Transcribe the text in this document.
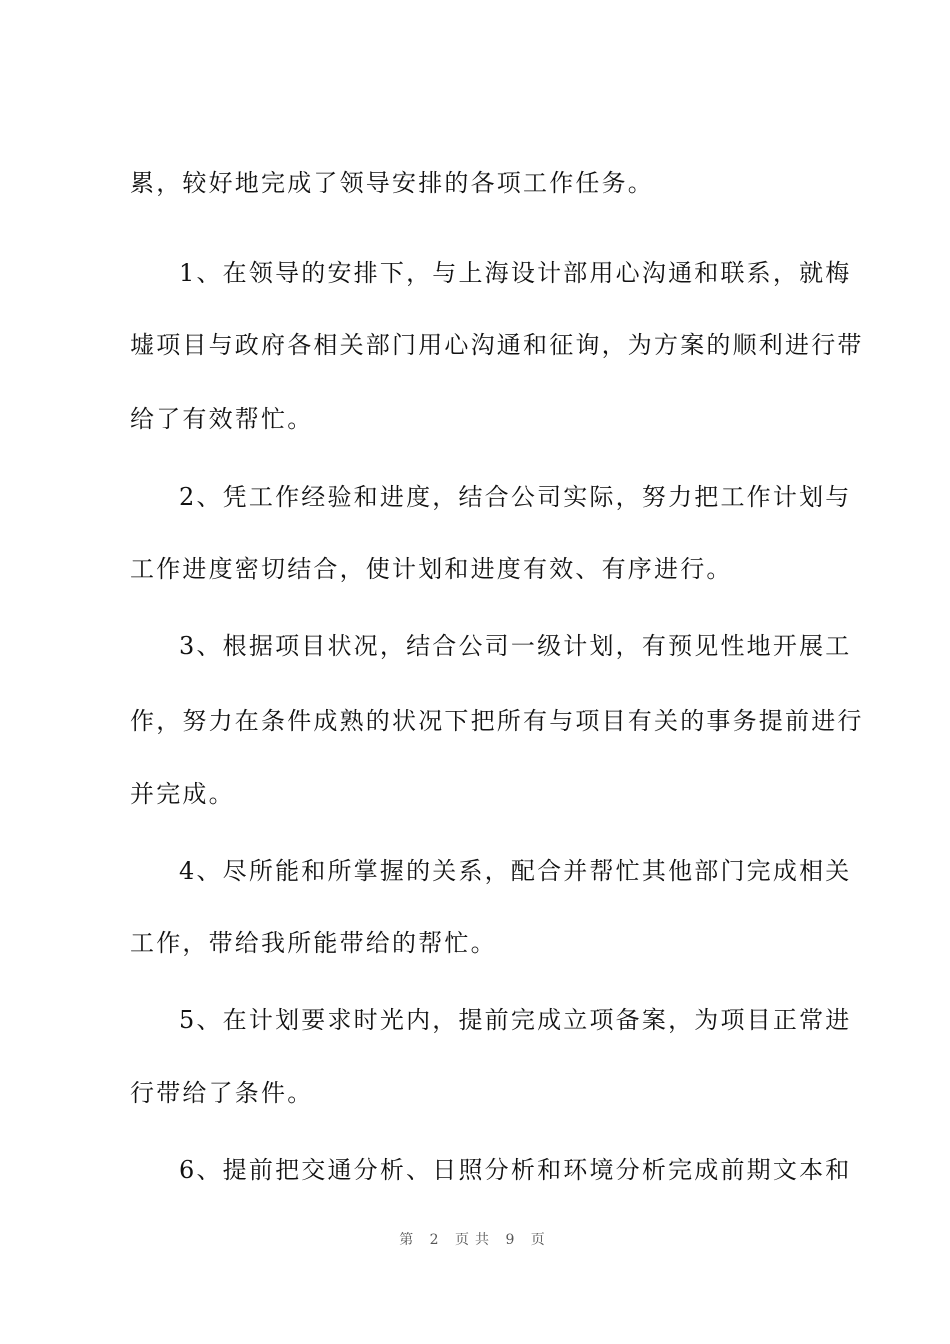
累，较好地完成了领导安排的各项工作任务。
1、在领导的安排下，与上海设计部用心沟通和联系，就梅
墟项目与政府各相关部门用心沟通和征询，为方案的顺利进行带
给了有效帮忙。
2、凭工作经验和进度，结合公司实际，努力把工作计划与
工作进度密切结合，使计划和进度有效、有序进行。
3、根据项目状况，结合公司一级计划，有预见性地开展工
作，努力在条件成熟的状况下把所有与项目有关的事务提前进行
并完成。
4、尽所能和所掌握的关系，配合并帮忙其他部门完成相关
工作，带给我所能带给的帮忙。
5、在计划要求时光内，提前完成立项备案，为项目正常进
行带给了条件。
6、提前把交通分析、日照分析和环境分析完成前期文本和
第 2 页共 9 页
